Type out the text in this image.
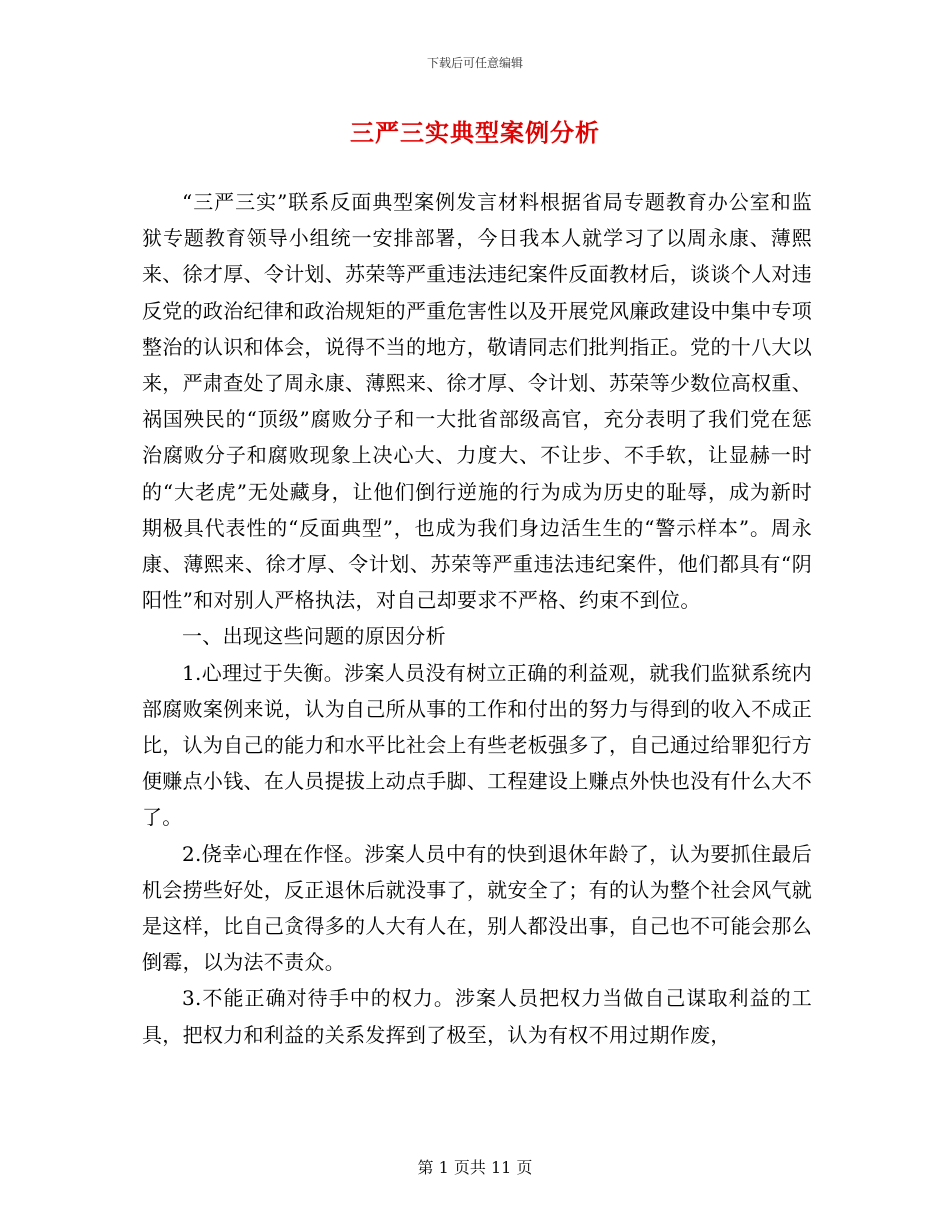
下载后可任意编辑
三严三实典型案例分析

“三严三实”联系反面典型案例发言材料根据省局专题教育办公室和监狱专题教育领导小组统一安排部署，今日我本人就学习了以周永康、薄熙来、徐才厚、令计划、苏荣等严重违法违纪案件反面教材后，谈谈个人对违反党的政治纪律和政治规矩的严重危害性以及开展党风廉政建设中集中专项整治的认识和体会，说得不当的地方，敬请同志们批判指正。党的十八大以来，严肃查处了周永康、薄熙来、徐才厚、令计划、苏荣等少数位高权重、祸国殃民的“顶级”腐败分子和一大批省部级高官，充分表明了我们党在惩治腐败分子和腐败现象上决心大、力度大、不让步、不手软，让显赫一时的“大老虎”无处藏身，让他们倒行逆施的行为成为历史的耻辱，成为新时期极具代表性的“反面典型”，也成为我们身边活生生的“警示样本”。周永康、薄熙来、徐才厚、令计划、苏荣等严重违法违纪案件，他们都具有“阴阳性”和对别人严格执法，对自己却要求不严格、约束不到位。

一、出现这些问题的原因分析

1.心理过于失衡。涉案人员没有树立正确的利益观，就我们监狱系统内部腐败案例来说，认为自己所从事的工作和付出的努力与得到的收入不成正比，认为自己的能力和水平比社会上有些老板强多了，自己通过给罪犯行方便赚点小钱、在人员提拔上动点手脚、工程建设上赚点外快也没有什么大不了。

2.侥幸心理在作怪。涉案人员中有的快到退休年龄了，认为要抓住最后机会捞些好处，反正退休后就没事了，就安全了；有的认为整个社会风气就是这样，比自己贪得多的人大有人在，别人都没出事，自己也不可能会那么倒霉，以为法不责众。

3.不能正确对待手中的权力。涉案人员把权力当做自己谋取利益的工具，把权力和利益的关系发挥到了极至，认为有权不用过期作废，

第 1 页共 11 页
